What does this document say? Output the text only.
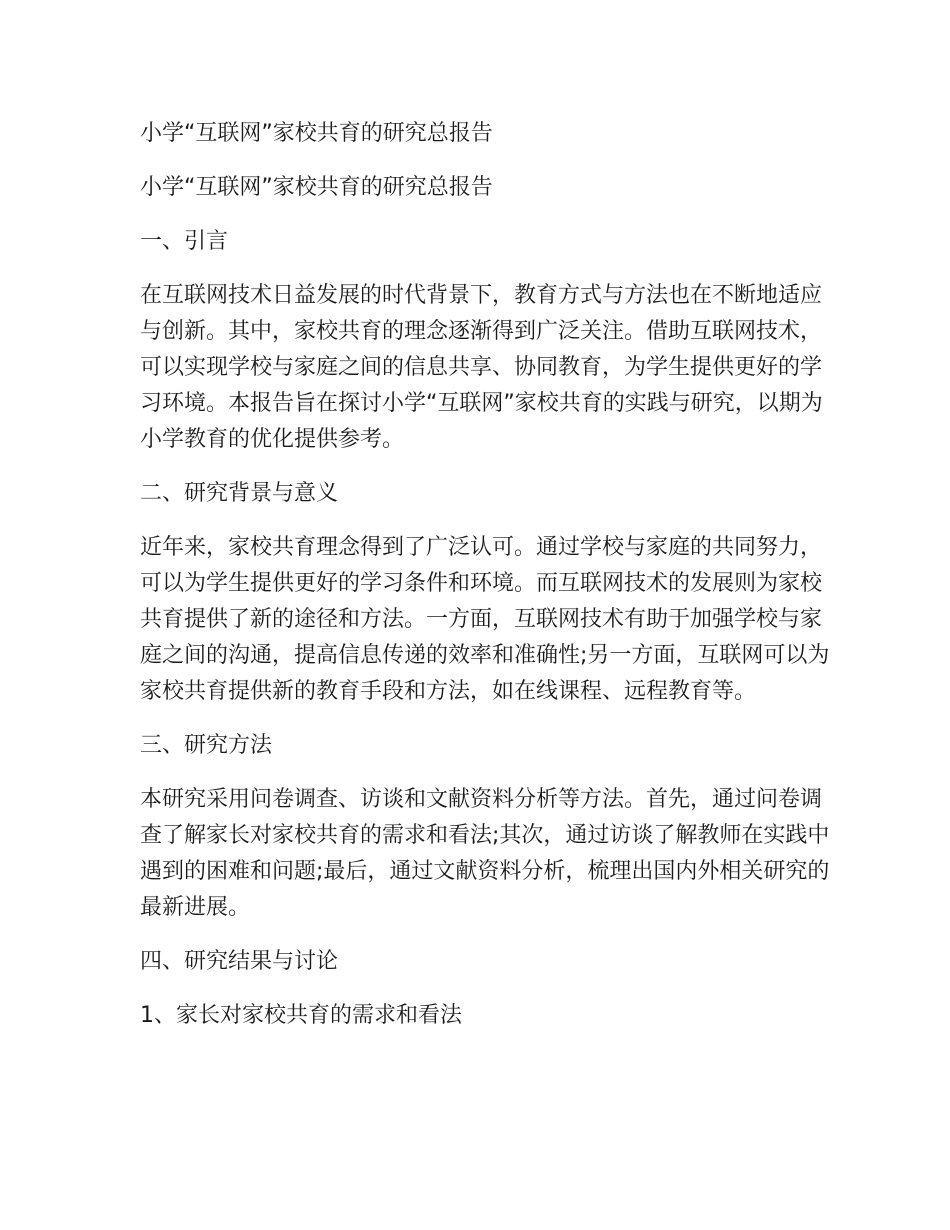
小学“互联网”家校共育的研究总报告

小学“互联网”家校共育的研究总报告

一、引言

在互联网技术日益发展的时代背景下，教育方式与方法也在不断地适应与创新。其中，家校共育的理念逐渐得到广泛关注。借助互联网技术，可以实现学校与家庭之间的信息共享、协同教育，为学生提供更好的学习环境。本报告旨在探讨小学“互联网”家校共育的实践与研究，以期为小学教育的优化提供参考。

二、研究背景与意义

近年来，家校共育理念得到了广泛认可。通过学校与家庭的共同努力，可以为学生提供更好的学习条件和环境。而互联网技术的发展则为家校共育提供了新的途径和方法。一方面，互联网技术有助于加强学校与家庭之间的沟通，提高信息传递的效率和准确性;另一方面，互联网可以为家校共育提供新的教育手段和方法，如在线课程、远程教育等。

三、研究方法

本研究采用问卷调查、访谈和文献资料分析等方法。首先，通过问卷调查了解家长对家校共育的需求和看法;其次，通过访谈了解教师在实践中遇到的困难和问题;最后，通过文献资料分析，梳理出国内外相关研究的最新进展。

四、研究结果与讨论

1、家长对家校共育的需求和看法
